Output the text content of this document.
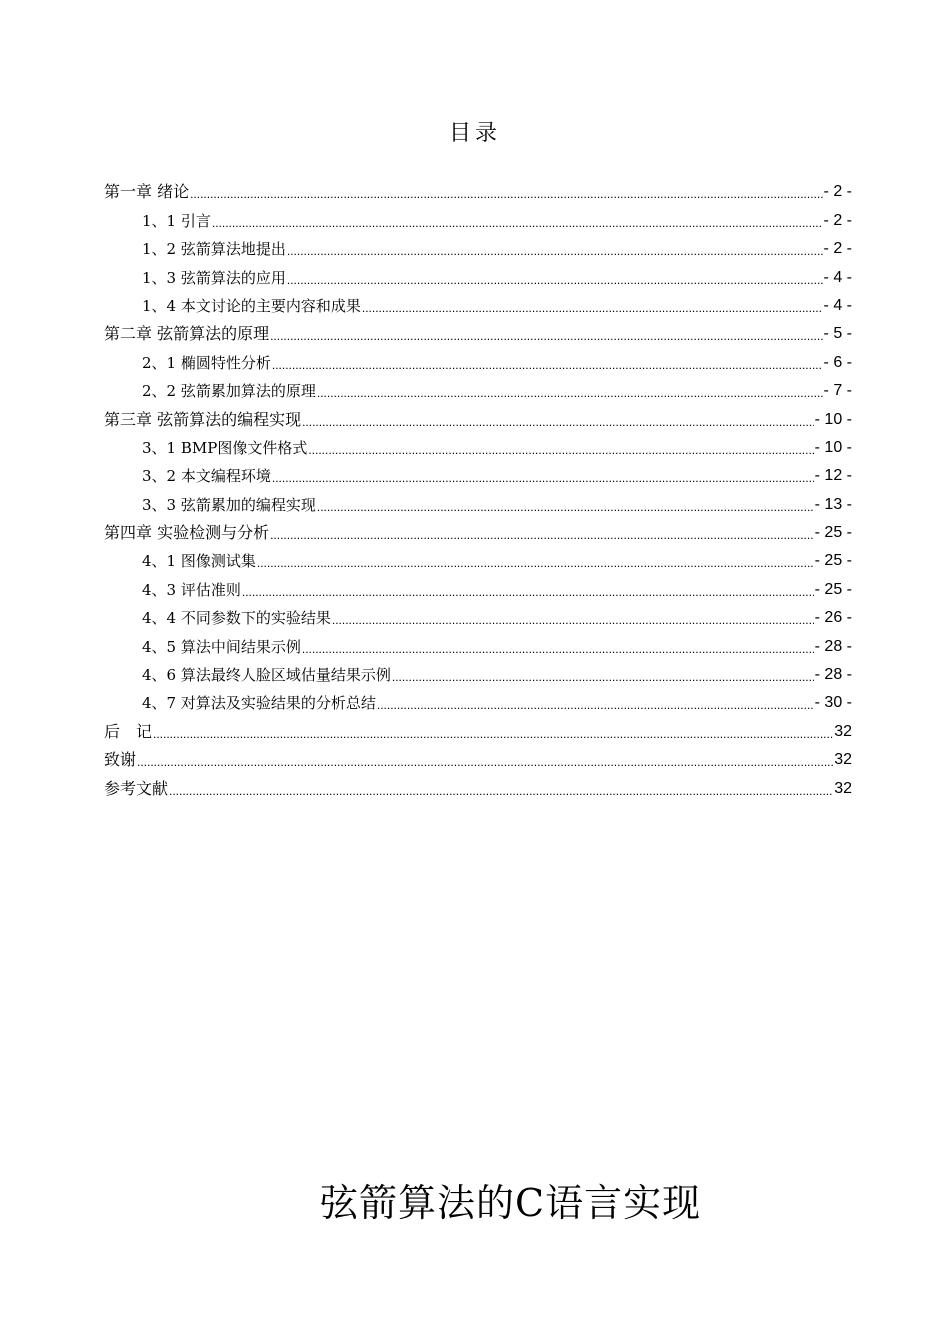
目录
第一章 绪论 .....	- 2 -
1、1 引言 .....	- 2 -
1、2 弦箭算法地提出 .....	- 2 -
1、3 弦箭算法的应用 .....	- 4 -
1、4 本文讨论的主要内容和成果 .....	- 4 -
第二章 弦箭算法的原理 .....	- 5 -
2、1 椭圆特性分析 .....	- 6 -
2、2 弦箭累加算法的原理 .....	- 7 -
第三章 弦箭算法的编程实现 .....	- 10 -
3、1 BMP图像文件格式 .....	- 10 -
3、2 本文编程环境 .....	- 12 -
3、3 弦箭累加的编程实现 .....	- 13 -
第四章 实验检测与分析 .....	- 25 -
4、1 图像测试集 .....	- 25 -
4、3 评估准则 .....	- 25 -
4、4 不同参数下的实验结果 .....	- 26 -
4、5 算法中间结果示例 .....	- 28 -
4、6 算法最终人脸区域估量结果示例 .....	- 28 -
4、7 对算法及实验结果的分析总结 .....	- 30 -
后　记 .....	32
致谢 .....	32
参考文献 .....	32
弦箭算法的C语言实现
